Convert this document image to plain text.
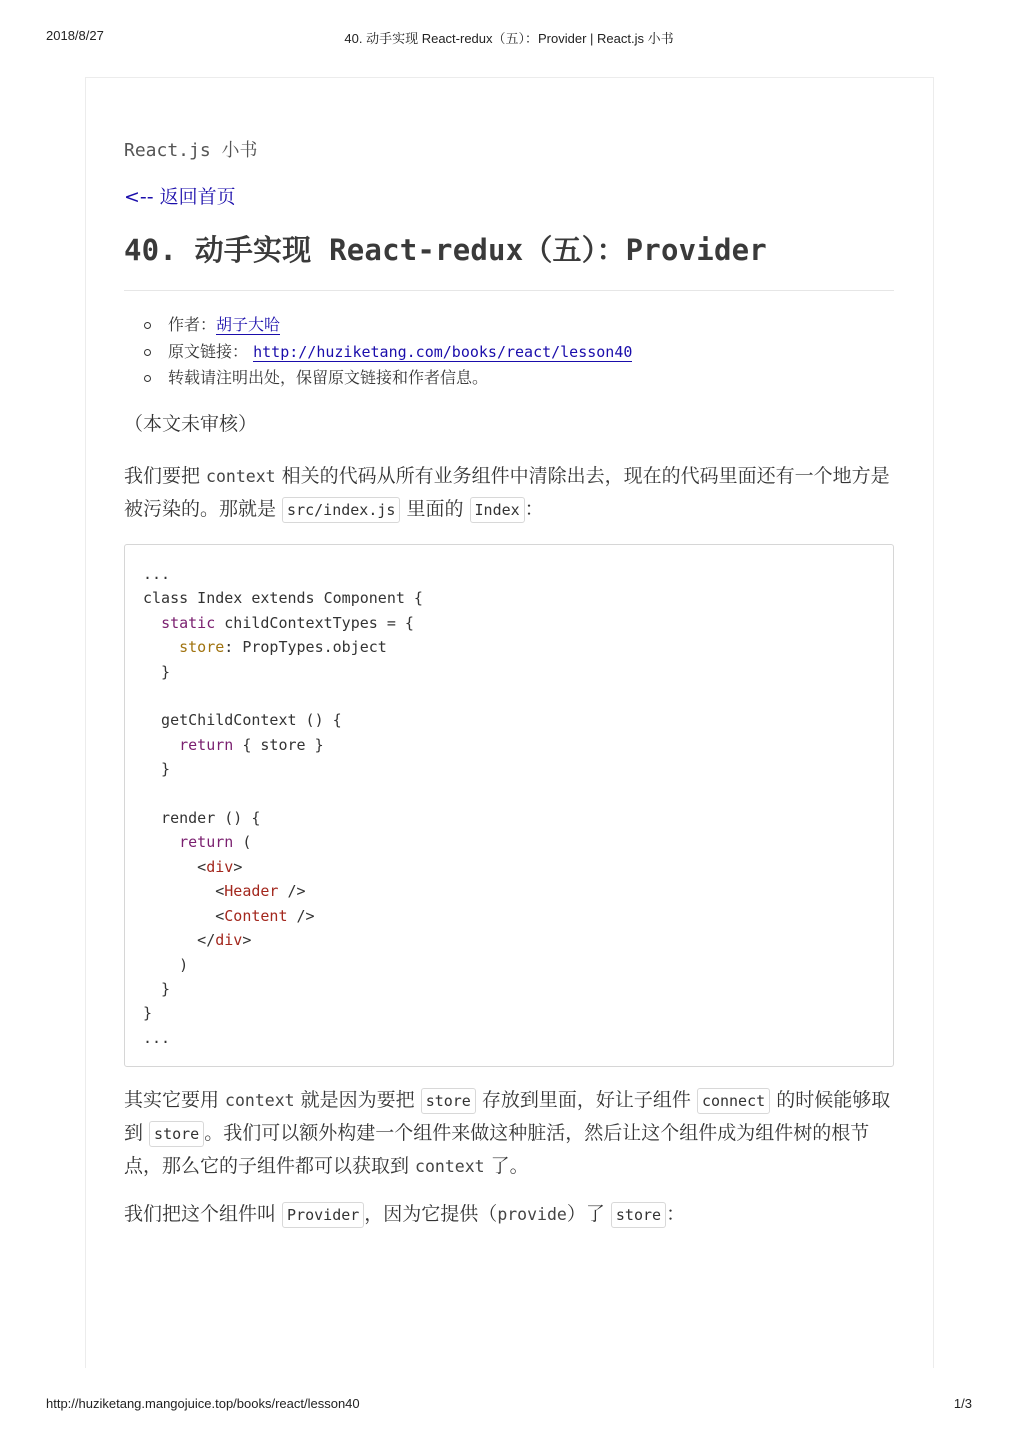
2018/8/27	40. 动手实现 React-redux（五）：Provider | React.js 小书
React.js 小书
<-- 返回首页
40. 动手实现 React-redux（五）：Provider
作者：胡子大哈
原文链接： http://huziketang.com/books/react/lesson40
转载请注明出处，保留原文链接和作者信息。

（本文未审核）

我们要把 context 相关的代码从所有业务组件中清除出去，现在的代码里面还有一个地方是被污染的。那就是 src/index.js 里面的 Index ：

...
class Index extends Component {
static childContextTypes = {
store: PropTypes.object
}

getChildContext () {
return { store }
}

render () {
return (
<div>
<Header />
<Content />
</div>
)
}
}
...

其实它要用 context 就是因为要把 store 存放到里面，好让子组件 connect 的时候能够取到 store 。我们可以额外构建一个组件来做这种脏活，然后让这个组件成为组件树的根节点，那么它的子组件都可以获取到 context 了。

我们把这个组件叫 Provider ，因为它提供（provide）了 store ：

http://huziketang.mangojuice.top/books/react/lesson40	1/3
